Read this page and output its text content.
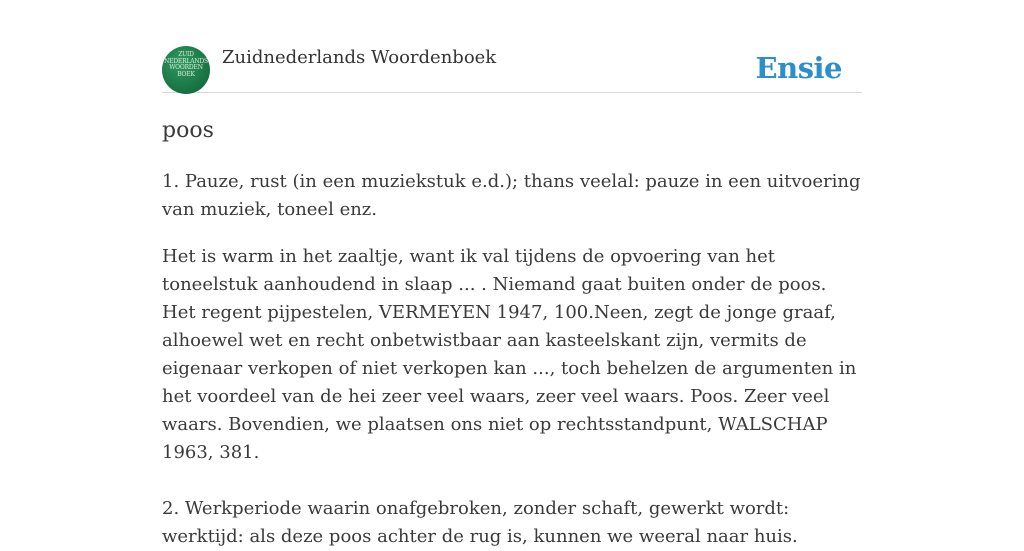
ZUID NEDERLANDS WOORDEN BOEK
Zuidnederlands Woordenboek	Ensie
poos

1. Pauze, rust (in een muziekstuk e.d.); thans veelal: pauze in een uitvoering van muziek, toneel enz.

Het is warm in het zaaltje, want ik val tijdens de opvoering van het toneelstuk aanhoudend in slaap ... . Niemand gaat buiten onder de poos. Het regent pijpestelen, VERMEYEN 1947, 100.Neen, zegt de jonge graaf, alhoewel wet en recht onbetwistbaar aan kasteelskant zijn, vermits de eigenaar verkopen of niet verkopen kan ..., toch behelzen de argumenten in het voordeel van de hei zeer veel waars, zeer veel waars. Poos. Zeer veel waars. Bovendien, we plaatsen ons niet op rechtsstandpunt, WALSCHAP 1963, 381.

2. Werkperiode waarin onafgebroken, zonder schaft, gewerkt wordt: werktijd: als deze poos achter de rug is, kunnen we weeral naar huis.
